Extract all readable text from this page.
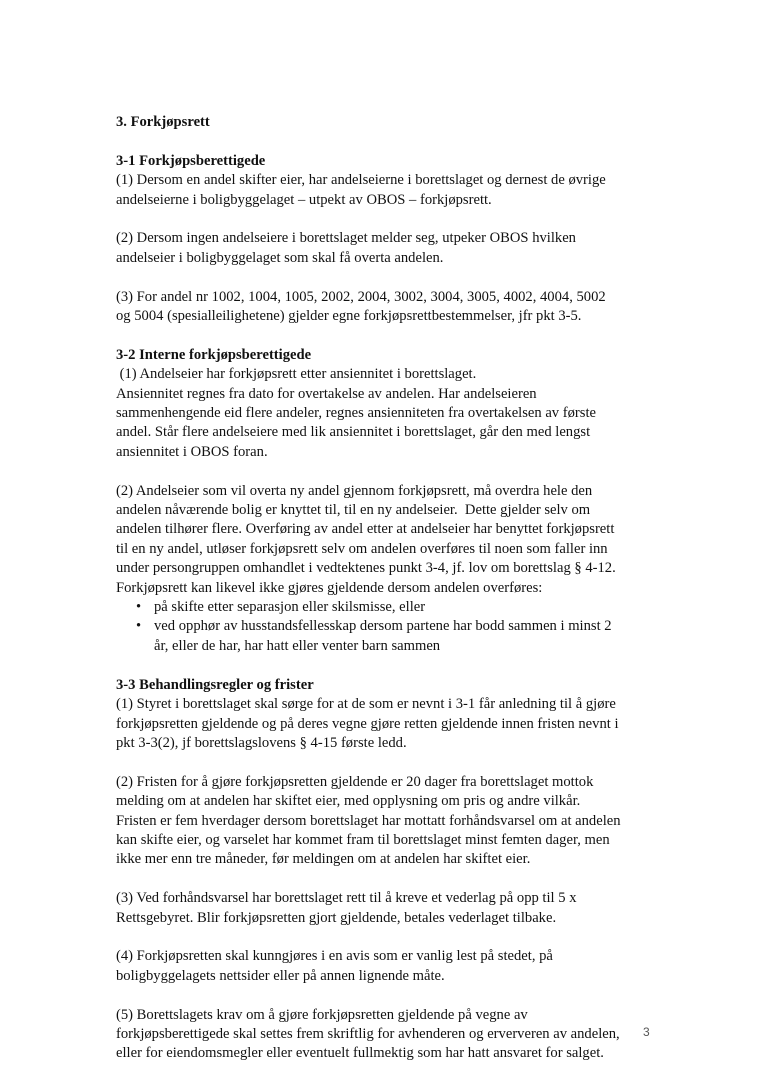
3. Forkjøpsrett

3-1 Forkjøpsberettigede

(1) Dersom en andel skifter eier, har andelseierne i borettslaget og dernest de øvrige

andelseierne i boligbyggelaget – utpekt av OBOS – forkjøpsrett.

(2) Dersom ingen andelseiere i borettslaget melder seg, utpeker OBOS hvilken

andelseier i boligbyggelaget som skal få overta andelen.

(3) For andel nr 1002, 1004, 1005, 2002, 2004, 3002, 3004, 3005, 4002, 4004, 5002

og 5004 (spesialleilighetene) gjelder egne forkjøpsrettbestemmelser, jfr pkt 3-5.

3-2 Interne forkjøpsberettigede

(1) Andelseier har forkjøpsrett etter ansiennitet i borettslaget.

Ansiennitet regnes fra dato for overtakelse av andelen. Har andelseieren

sammenhengende eid flere andeler, regnes ansienniteten fra overtakelsen av første

andel. Står flere andelseiere med lik ansiennitet i borettslaget, går den med lengst

ansiennitet i OBOS foran.

(2) Andelseier som vil overta ny andel gjennom forkjøpsrett, må overdra hele den

andelen nåværende bolig er knyttet til, til en ny andelseier.  Dette gjelder selv om

andelen tilhører flere. Overføring av andel etter at andelseier har benyttet forkjøpsrett

til en ny andel, utløser forkjøpsrett selv om andelen overføres til noen som faller inn

under persongruppen omhandlet i vedtektenes punkt 3-4, jf. lov om borettslag § 4-12.

Forkjøpsrett kan likevel ikke gjøres gjeldende dersom andelen overføres:

• på skifte etter separasjon eller skilsmisse, eller

• ved opphør av husstandsfellesskap dersom partene har bodd sammen i minst 2

år, eller de har, har hatt eller venter barn sammen

3-3 Behandlingsregler og frister

(1) Styret i borettslaget skal sørge for at de som er nevnt i 3-1 får anledning til å gjøre

forkjøpsretten gjeldende og på deres vegne gjøre retten gjeldende innen fristen nevnt i

pkt 3-3(2), jf borettslagslovens § 4-15 første ledd.

(2) Fristen for å gjøre forkjøpsretten gjeldende er 20 dager fra borettslaget mottok

melding om at andelen har skiftet eier, med opplysning om pris og andre vilkår.

Fristen er fem hverdager dersom borettslaget har mottatt forhåndsvarsel om at andelen

kan skifte eier, og varselet har kommet fram til borettslaget minst femten dager, men

ikke mer enn tre måneder, før meldingen om at andelen har skiftet eier.

(3) Ved forhåndsvarsel har borettslaget rett til å kreve et vederlag på opp til 5 x

Rettsgebyret. Blir forkjøpsretten gjort gjeldende, betales vederlaget tilbake.

(4) Forkjøpsretten skal kunngjøres i en avis som er vanlig lest på stedet, på

boligbyggelagets nettsider eller på annen lignende måte.

(5) Borettslagets krav om å gjøre forkjøpsretten gjeldende på vegne av

forkjøpsberettigede skal settes frem skriftlig for avhenderen og erververen av andelen,

eller for eiendomsmegler eller eventuelt fullmektig som har hatt ansvaret for salget.

3
